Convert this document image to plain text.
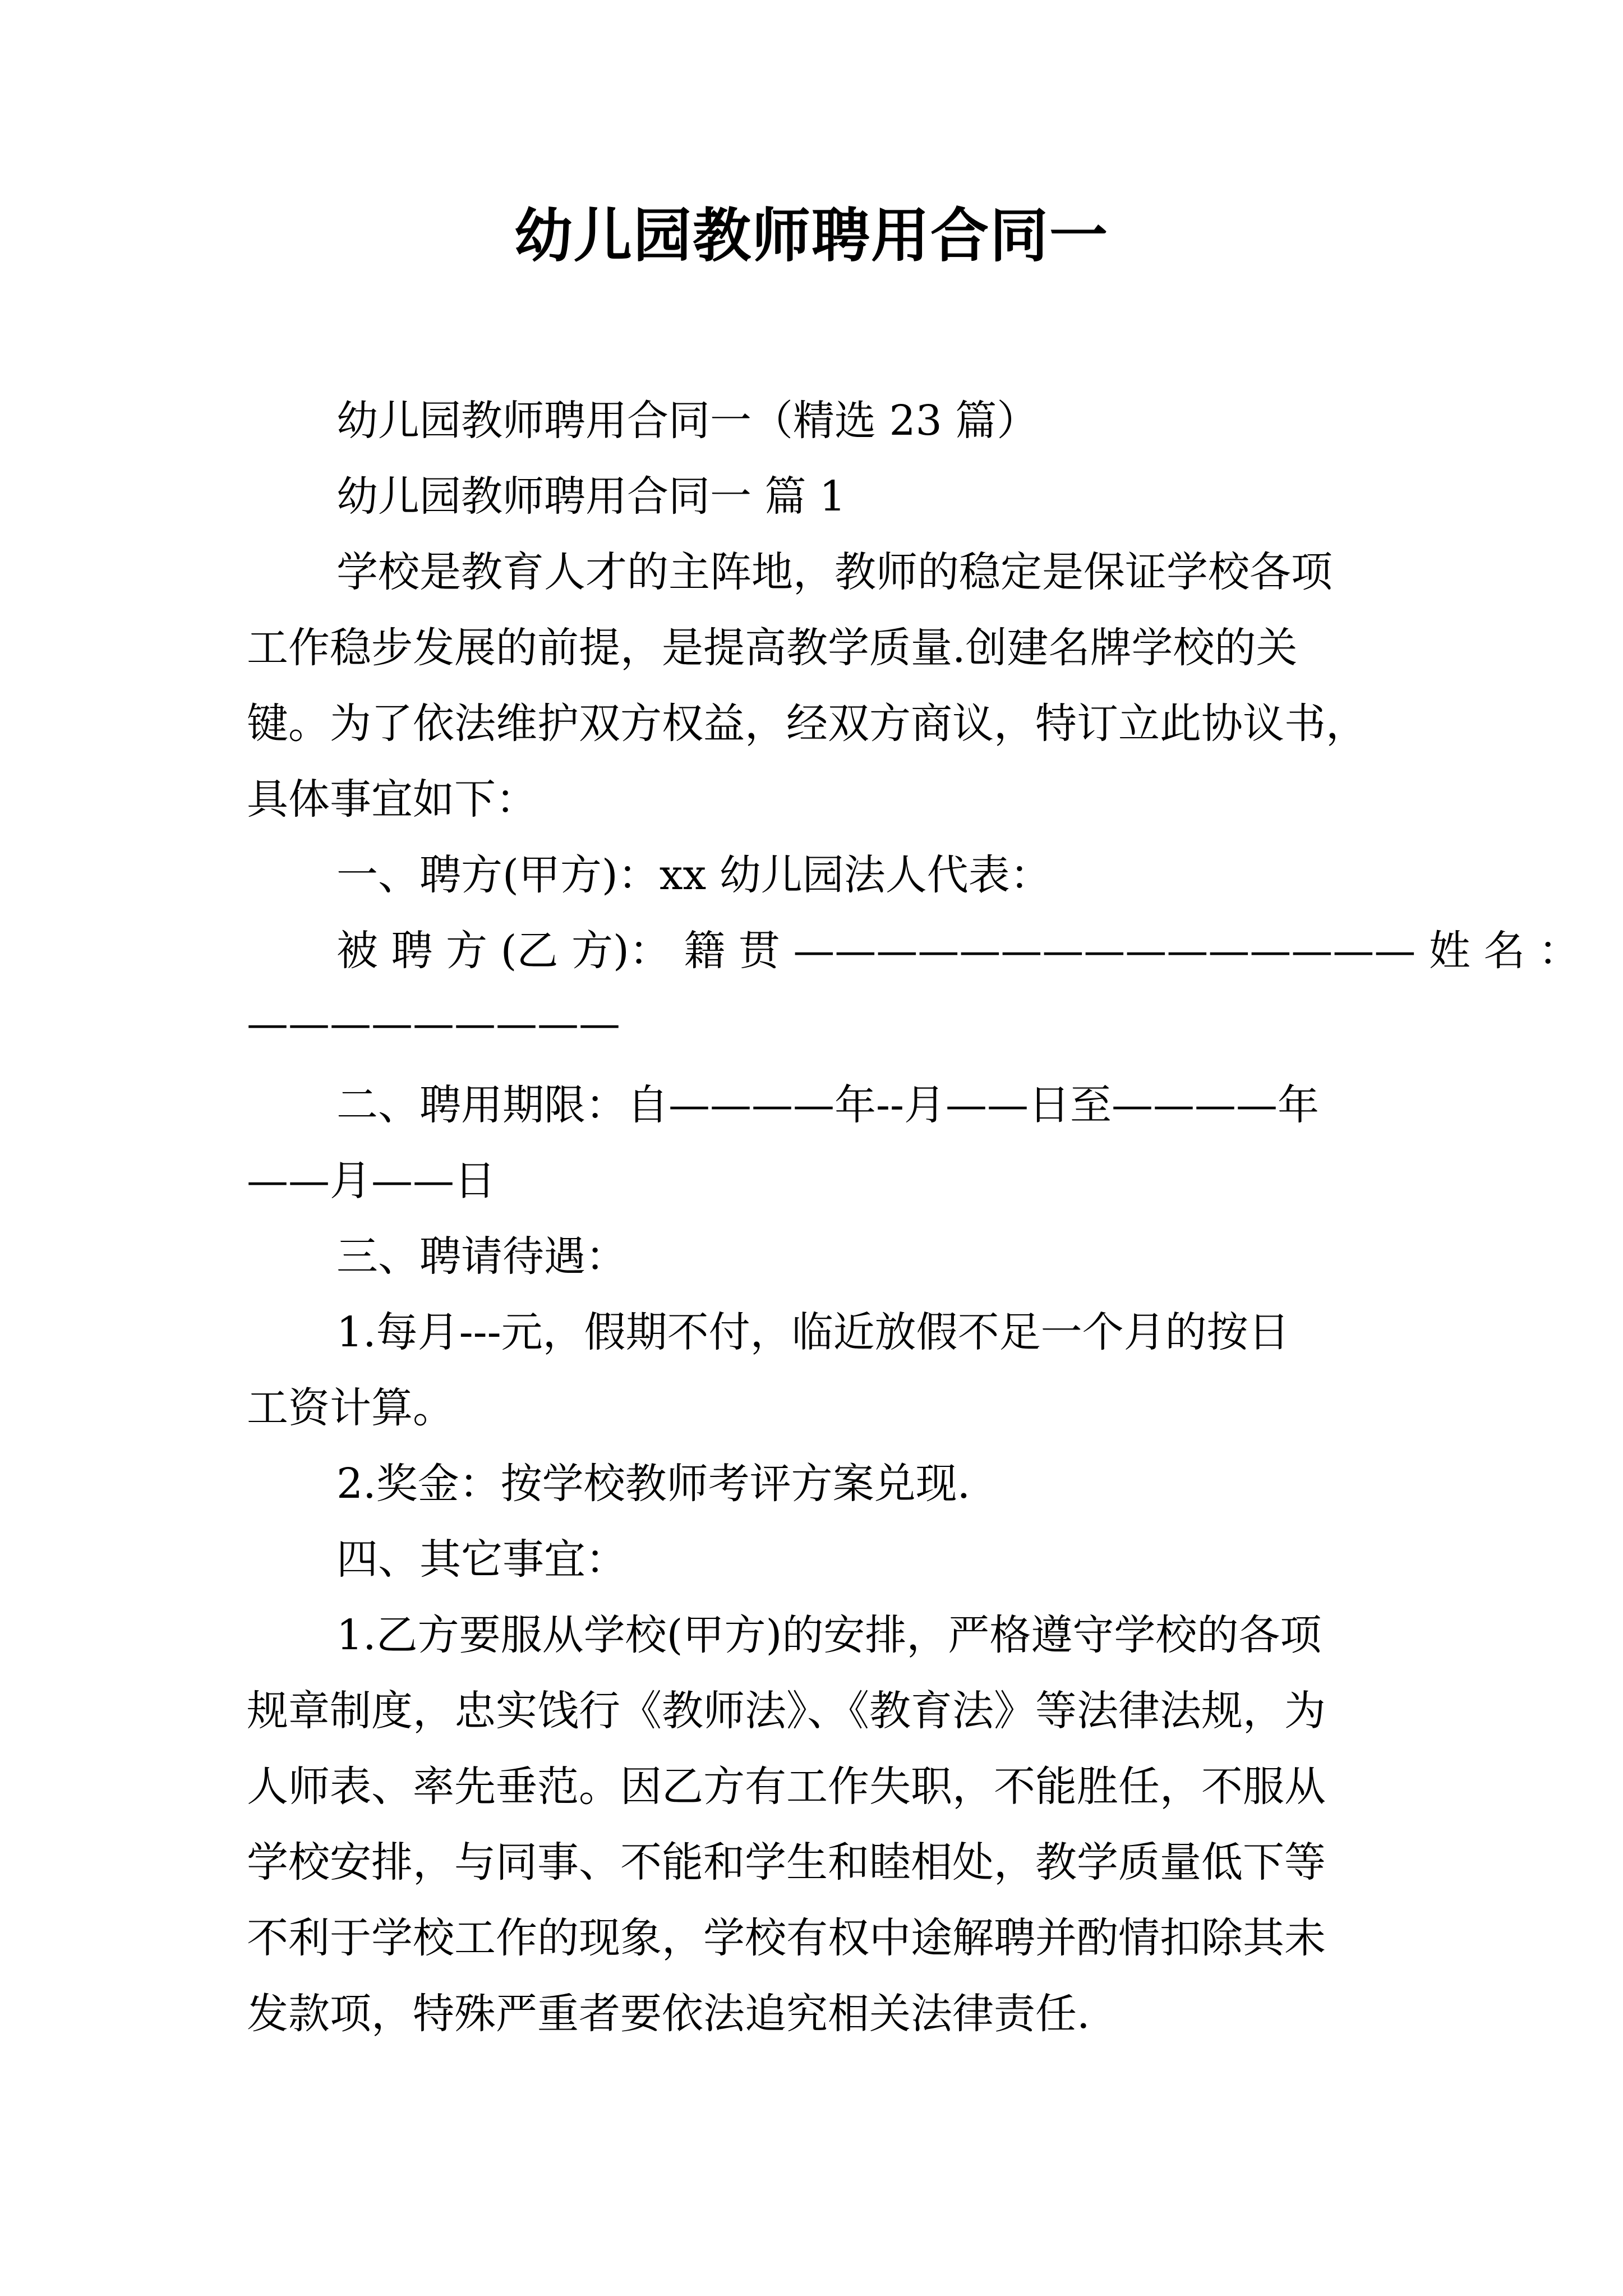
幼儿园教师聘用合同一
幼儿园教师聘用合同一（精选 23 篇）
幼儿园教师聘用合同一 篇 1
学校是教育人才的主阵地，教师的稳定是保证学校各项
工作稳步发展的前提，是提高教学质量.创建名牌学校的关
键。为了依法维护双方权益，经双方商议，特订立此协议书，
具体事宜如下：
一、聘方(甲方)：xx 幼儿园法人代表：
被 聘 方 (乙 方)： 籍 贯 ——————————————— 姓 名 ：
—————————
二、聘用期限：自————年--月——日至————年
——月——日
三、聘请待遇：
1.每月---元，假期不付，临近放假不足一个月的按日
工资计算。
2.奖金：按学校教师考评方案兑现.
四、其它事宜：
1.乙方要服从学校(甲方)的安排，严格遵守学校的各项
规章制度，忠实饯行《教师法》、《教育法》等法律法规，为
人师表、率先垂范。因乙方有工作失职，不能胜任，不服从
学校安排，与同事、不能和学生和睦相处，教学质量低下等
不利于学校工作的现象，学校有权中途解聘并酌情扣除其未
发款项，特殊严重者要依法追究相关法律责任.
